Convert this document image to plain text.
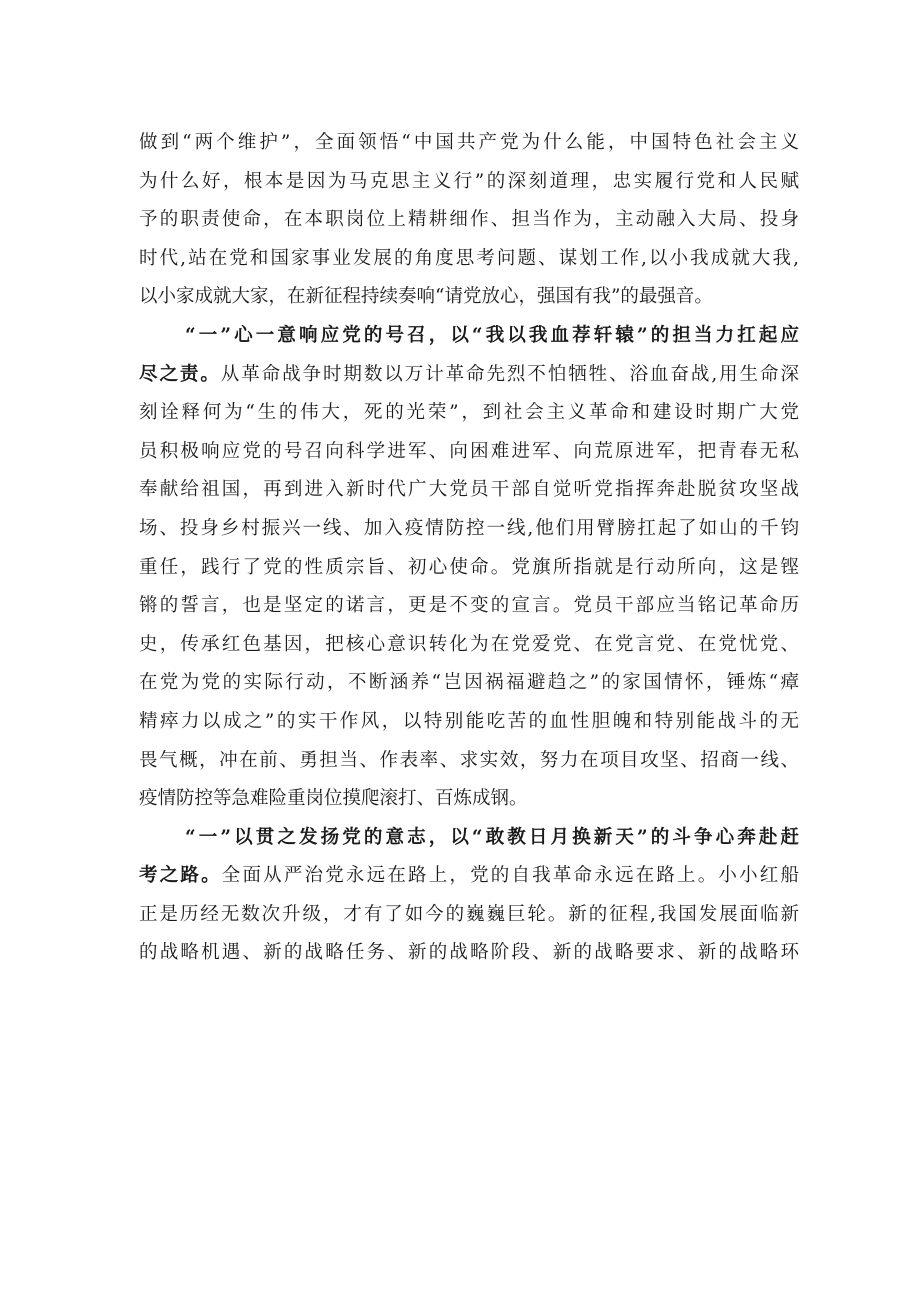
做到“两个维护”，全面领悟“中国共产党为什么能，中国特色社会主义
为什么好，根本是因为马克思主义行”的深刻道理，忠实履行党和人民赋
予的职责使命，在本职岗位上精耕细作、担当作为，主动融入大局、投身
时代,站在党和国家事业发展的角度思考问题、谋划工作,以小我成就大我,
以小家成就大家，在新征程持续奏响“请党放心，强国有我”的最强音。
“一”心一意响应党的号召，以“我以我血荐轩辕”的担当力扛起应
尽之责。从革命战争时期数以万计革命先烈不怕牺牲、浴血奋战,用生命深
刻诠释何为“生的伟大，死的光荣”，到社会主义革命和建设时期广大党
员积极响应党的号召向科学进军、向困难进军、向荒原进军，把青春无私
奉献给祖国，再到进入新时代广大党员干部自觉听党指挥奔赴脱贫攻坚战
场、投身乡村振兴一线、加入疫情防控一线,他们用臂膀扛起了如山的千钧
重任，践行了党的性质宗旨、初心使命。党旗所指就是行动所向，这是铿
锵的誓言，也是坚定的诺言，更是不变的宣言。党员干部应当铭记革命历
史，传承红色基因，把核心意识转化为在党爱党、在党言党、在党忧党、
在党为党的实际行动，不断涵养“岂因祸福避趋之”的家国情怀，锤炼“瘴
精瘁力以成之”的实干作风，以特别能吃苦的血性胆魄和特别能战斗的无
畏气概，冲在前、勇担当、作表率、求实效，努力在项目攻坚、招商一线、
疫情防控等急难险重岗位摸爬滚打、百炼成钢。
“一”以贯之发扬党的意志，以“敢教日月换新天”的斗争心奔赴赶
考之路。全面从严治党永远在路上，党的自我革命永远在路上。小小红船
正是历经无数次升级，才有了如今的巍巍巨轮。新的征程,我国发展面临新
的战略机遇、新的战略任务、新的战略阶段、新的战略要求、新的战略环
